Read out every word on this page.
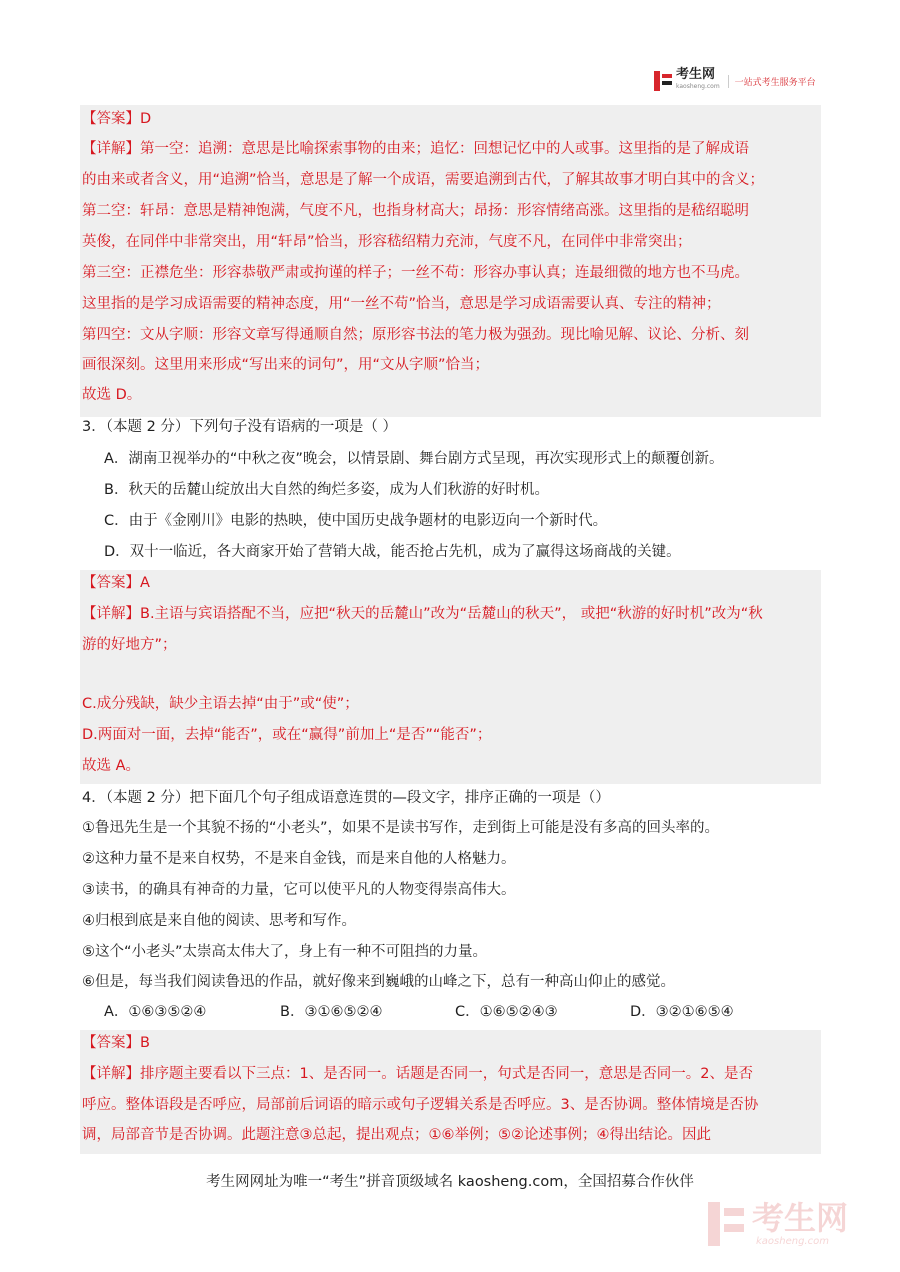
考生网
kaosheng.com	一站式考生服务平台
【答案】D
【详解】第一空：追溯：意思是比喻探索事物的由来；追忆：回想记忆中的人或事。这里指的是了解成语
的由来或者含义，用“追溯”恰当，意思是了解一个成语，需要追溯到古代，了解其故事才明白其中的含义；
第二空：轩昂：意思是精神饱满，气度不凡，也指身材高大；昂扬：形容情绪高涨。这里指的是嵇绍聪明
英俊，在同伴中非常突出，用“轩昂”恰当，形容嵇绍精力充沛，气度不凡，在同伴中非常突出；
第三空：正襟危坐：形容恭敬严肃或拘谨的样子；一丝不苟：形容办事认真；连最细微的地方也不马虎。
这里指的是学习成语需要的精神态度，用“一丝不苟”恰当，意思是学习成语需要认真、专注的精神；
第四空：文从字顺：形容文章写得通顺自然；原形容书法的笔力极为强劲。现比喻见解、议论、分析、刻
画很深刻。这里用来形成“写出来的词句”，用“文从字顺”恰当；
故选 D。
3．（本题 2 分）下列句子没有语病的一项是（ ）
A．湖南卫视举办的“中秋之夜”晚会，以情景剧、舞台剧方式呈现，再次实现形式上的颠覆创新。
B．秋天的岳麓山绽放出大自然的绚烂多姿，成为人们秋游的好时机。
C．由于《金刚川》电影的热映，使中国历史战争题材的电影迈向一个新时代。
D．双十一临近，各大商家开始了营销大战，能否抢占先机，成为了赢得这场商战的关键。
【答案】A
【详解】B.主语与宾语搭配不当，应把“秋天的岳麓山”改为“岳麓山的秋天”， 或把“秋游的好时机”改为“秋
游的好地方”；
C.成分残缺，缺少主语去掉“由于”或“使”；
D.两面对一面，去掉“能否”，或在“赢得”前加上“是否”“能否”；
故选 A。
4．（本题 2 分）把下面几个句子组成语意连贯的—段文字，排序正确的一项是（）
①鲁迅先生是一个其貌不扬的“小老头”，如果不是读书写作，走到街上可能是没有多高的回头率的。
②这种力量不是来自权势，不是来自金钱，而是来自他的人格魅力。
③读书，的确具有神奇的力量，它可以使平凡的人物变得崇高伟大。
④归根到底是来自他的阅读、思考和写作。
⑤这个“小老头”太崇高太伟大了，身上有一种不可阻挡的力量。
⑥但是，每当我们阅读鲁迅的作品，就好像来到巍峨的山峰之下，总有一种高山仰止的感觉。
A．①⑥③⑤②④	B．③①⑥⑤②④	C．①⑥⑤②④③	D．③②①⑥⑤④
【答案】B
【详解】排序题主要看以下三点：1、是否同一。话题是否同一，句式是否同一，意思是否同一。2、是否
呼应。整体语段是否呼应，局部前后词语的暗示或句子逻辑关系是否呼应。3、是否协调。整体情境是否协
调，局部音节是否协调。此题注意③总起，提出观点；①⑥举例；⑤②论述事例；④得出结论。因此
考生网网址为唯一“考生”拼音顶级域名 kaosheng.com，全国招募合作伙伴
考生网
kaosheng.com
